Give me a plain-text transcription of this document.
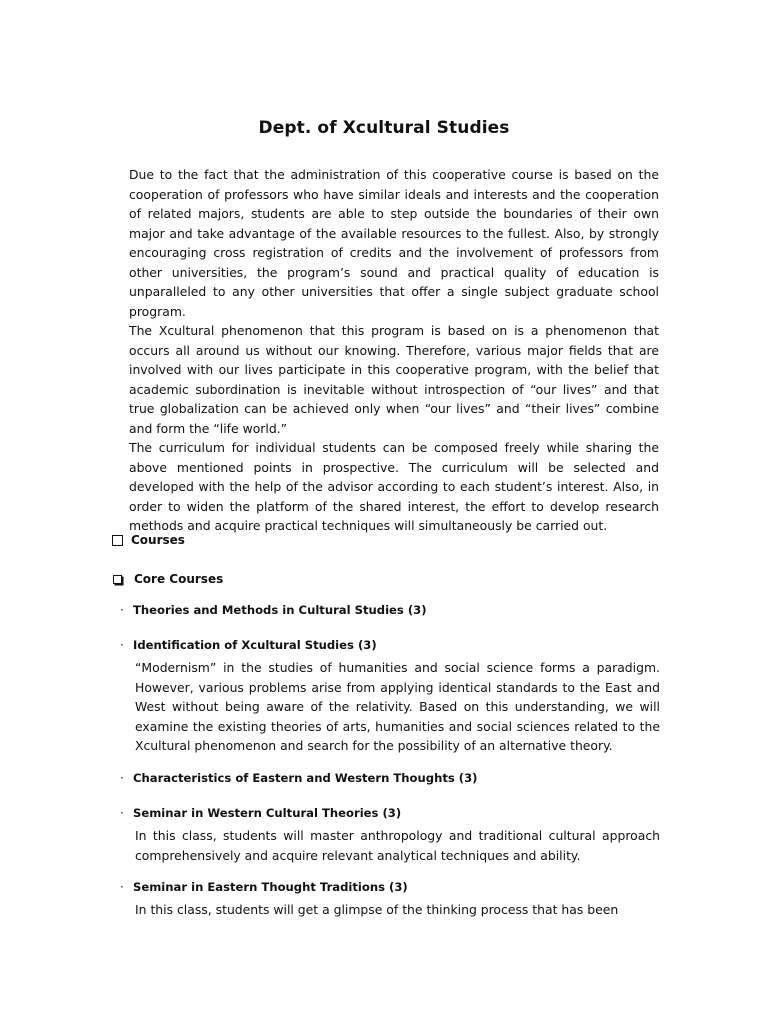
Dept. of Xcultural Studies

Due to the fact that the administration of this cooperative course is based on the cooperation of professors who have similar ideals and interests and the cooperation of related majors, students are able to step outside the boundaries of their own major and take advantage of the available resources to the fullest. Also, by strongly encouraging cross registration of credits and the involvement of professors from other universities, the program’s sound and practical quality of education is unparalleled to any other universities that offer a single subject graduate school program.

The Xcultural phenomenon that this program is based on is a phenomenon that occurs all around us without our knowing. Therefore, various major fields that are involved with our lives participate in this cooperative program, with the belief that academic subordination is inevitable without introspection of “our lives” and that true globalization can be achieved only when “our lives” and “their lives” combine and form the “life world.”

The curriculum for individual students can be composed freely while sharing the above mentioned points in prospective. The curriculum will be selected and developed with the help of the advisor according to each student’s interest. Also, in order to widen the platform of the shared interest, the effort to develop research methods and acquire practical techniques will simultaneously be carried out.

Courses
Core Courses
· Theories and Methods in Cultural Studies (3)
· Identification of Xcultural Studies (3)
“Modernism” in the studies of humanities and social science forms a paradigm. However, various problems arise from applying identical standards to the East and West without being aware of the relativity. Based on this understanding, we will examine the existing theories of arts, humanities and social sciences related to the Xcultural phenomenon and search for the possibility of an alternative theory.
· Characteristics of Eastern and Western Thoughts (3)
· Seminar in Western Cultural Theories (3)
In this class, students will master anthropology and traditional cultural approach comprehensively and acquire relevant analytical techniques and ability.
· Seminar in Eastern Thought Traditions (3)
In this class, students will get a glimpse of the thinking process that has been
